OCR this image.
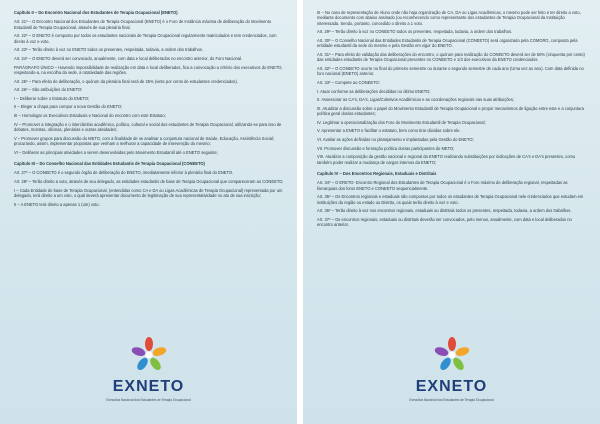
Capítulo II – Do Encontro Nacional dos Estudantes de Terapia Ocupacional (ENETO)

Art. 21º – O Encontro Nacional dos Estudantes de Terapia Ocupacional (ENETO) é o Foro de Instância máxima de deliberação do Movimento Estudantil de Terapia Ocupacional, através de sua plenária final.

Art. 22º – O ENETO é composto por todos os estudantes nacionais de Terapia Ocupacional regularmente matriculados e tem credenciados, com direito à voz e voto.

Art. 23º – Terão direito à voz no ENETO todos os presentes, respeitada, todavia, a ordem dos trabalhos.

Art. 24º – O ENETO deverá ser convocado, anualmente, com data e local deliberados no encontro anterior, do Foro Nacional.

PARÁGRAFO ÚNICO – Havendo impossibilidade de realização em data e local deliberados, fica a convocação a critério dos executivos do ENETO, respeitando-a, na escolha da sede, a rotatividade das regiões.

Art. 25º – Para efeito de deliberação, o quórum da plenária final será de 25% (vinte por cento de estudantes credenciados).

Art. 26º – São atribuições do ENETO:

I – Deliberar sobre o Estatuto do ENETO;

II – Eleger a chapa para compor a nova Gestão do ENETO;

III – Homologar os Executivos Estaduais e Nacional do encontro com este Estatuto;

IV – Promover a integração e o intercâmbio acadêmico, político, cultural e social dos estudantes de Terapia Ocupacional, utilizando-se para isso de debates, mostras, oficinas, plenárias e outras atividades;

V – Promover grupos para discussão do METO, com a finalidade de se analisar a conjuntura nacional de Saúde, Educação, Assistência Social; procurando, assim, implementar propostas que venham a melhorar a capacidade de intervenção do mesmo;

VI – Deliberar as principais atividades a serem desenvolvidas pelo Movimento Estudantil até o ENETO seguinte;

Capítulo III – Do Conselho Nacional das Entidades Estudantis de Terapia Ocupacional (CONEETO)

Art. 27º – O CONEETO é o segundo órgão de deliberação do ENETO, imediatamente inferior à plenária final do ENETO.

Art. 28º – Terão direito a voto, através de seu delegado, as entidades estudantis de base de Terapia Ocupacional que compareceram ao CONEETO.

I – Cada Entidade de base de Terapia Ocupacional, (entendidas como CA e DA ou Ligas Acadêmicas de Terapia Ocupacional) representada por um delegado, terá direito a um voto, o qual deverá apresentar documento de legitimação de sua representatividade no ato de sua inscrição;

II – A ENETO terá direito a apenas 1 (um) voto.

EXNETO
Executiva Nacional dos Estudantes de Terapia Ocupacional

III – No caso de representação de Aluno onde não haja organização de CA, DA ou Ligas Acadêmicas, o mesmo pode ser feito e ter direito a voto, mediante documento com abaixo assinado (ou reconhecendo como representante dos estudantes de Terapia Ocupacional da Instituição interessada. Sendo, portanto, concedido o direito a 1 voto.

Art. 29º – Terão direito à voz no CONEETO todos os presentes, respeitada, todavia, a ordem dos trabalhos.

Art. 30º – O Conselho Nacional das Entidades Estudantis de Terapia Ocupacional (CONEETO) será organizado pela COMORG, composta pela entidade estudantil da sede do mesmo e pela Gestão em vigor do ENETO.

Art. 31º – Para efeito de validação das deliberações do encontro, o quórum para realização do CONEETO deverá ser de 50% (cinquenta por cento) das entidades estudantis de Terapia Ocupacional presentes no CONEETO e 1/3 dos executivos da ENETO credenciados.

Art. 32º – O CONEETO ocorre no final do primeiro semestre ou durante o segundo semestre de cada ano (Uma vez ao ano). Com data definida no foro nacional (ENETO) anterior.

Art. 33º – Compete ao CONEETO:

I. Atuar conforme as deliberações decididas no último ENETO;

II. Assessorar as CA's, DA's, Ligas/Coletivos Acadêmicos e as coordenações regionais nas suas atribuições;

III. Atualizar a discussão sobre o papel do Movimento Estudantil de Terapia Ocupacional e propor mecanismos de ligação entre este e a conjuntura política geral dos/as estudantes;

IV. Legitimar a operacionalização dos Foro do Movimento Estudantil de Terapia Ocupacional;

V. Apresentar a ENETO e facilitar o estatuto, bem como tirar dúvidas sobre ele.

VI. Avaliar as ações definidas no planejamento e implantadas pela Gestão do ENETO;

VII. Promover discussão e formação política dos/as participantes do METO;

VIII. Atualizar a composição da gestão nacional e regional da ENETO realizando substituições por indicações de CA's e DA's presentes, como também poder realizar a mudança de cargos internos da ENETO;

Capítulo IV – Dos Encontros Regionais, Estaduais e Distritais

Art. 34º – O ERETO- Encontro Regional dos Estudantes de Terapia Ocupacional é o Foro máximo de deliberação regional, respeitadas as hierarquias dos foros ENETO e CONEETO sequencialmente.

Art. 35º – Os Encontros regionais e estaduais são compostos por todos os estudantes de Terapia Ocupacional nele credenciados que estudam em instituições da região ou estado ou Distrito, os quais terão direito à voz e voto.

Art. 36º – Terão direito à voz nos encontros regionais, estaduais ou distritais todos os presentes, respeitada, todavia, a ordem dos trabalhos.

Art. 37º – Os encontros regionais, estaduais ou distritais deverão ser convocados, pelo menos, anualmente, com data e local deliberados no encontro anterior.

EXNETO
Executiva Nacional dos Estudantes de Terapia Ocupacional
